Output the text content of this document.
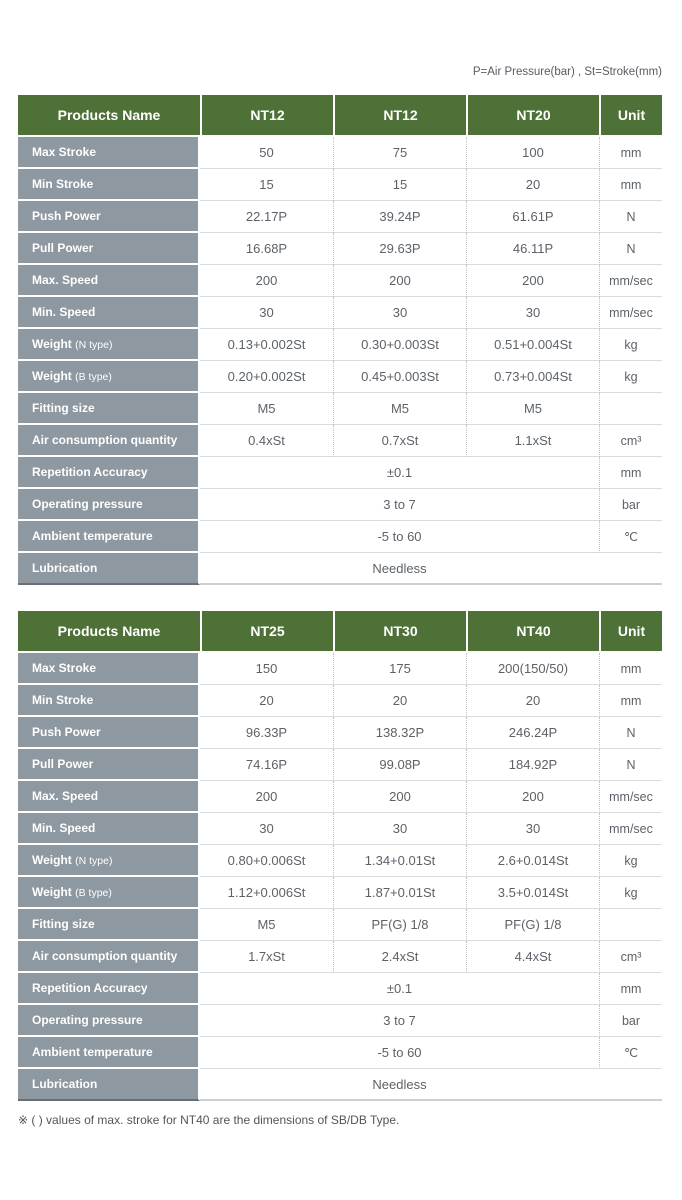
P=Air Pressure(bar) , St=Stroke(mm)
Products Name	NT12	NT12	NT20	Unit
Max Stroke	50	75	100	mm
Min Stroke	15	15	20	mm
Push Power	22.17P	39.24P	61.61P	N
Pull Power	16.68P	29.63P	46.11P	N
Max. Speed	200	200	200	mm/sec
Min. Speed	30	30	30	mm/sec
Weight (N type)	0.13+0.002St	0.30+0.003St	0.51+0.004St	kg
Weight (B type)	0.20+0.002St	0.45+0.003St	0.73+0.004St	kg
Fitting size	M5	M5	M5	
Air consumption quantity	0.4xSt	0.7xSt	1.1xSt	cm³
Repetition Accuracy	±0.1			mm
Operating pressure	3 to 7			bar
Ambient temperature	-5 to 60			℃
Lubrication	Needless			
Products Name	NT25	NT30	NT40	Unit
Max Stroke	150	175	200(150/50)	mm
Min Stroke	20	20	20	mm
Push Power	96.33P	138.32P	246.24P	N
Pull Power	74.16P	99.08P	184.92P	N
Max. Speed	200	200	200	mm/sec
Min. Speed	30	30	30	mm/sec
Weight (N type)	0.80+0.006St	1.34+0.01St	2.6+0.014St	kg
Weight (B type)	1.12+0.006St	1.87+0.01St	3.5+0.014St	kg
Fitting size	M5	PF(G) 1/8	PF(G) 1/8	
Air consumption quantity	1.7xSt	2.4xSt	4.4xSt	cm³
Repetition Accuracy	±0.1			mm
Operating pressure	3 to 7			bar
Ambient temperature	-5 to 60			℃
Lubrication	Needless			
※ ( ) values of max. stroke for NT40 are the dimensions of SB/DB Type.
